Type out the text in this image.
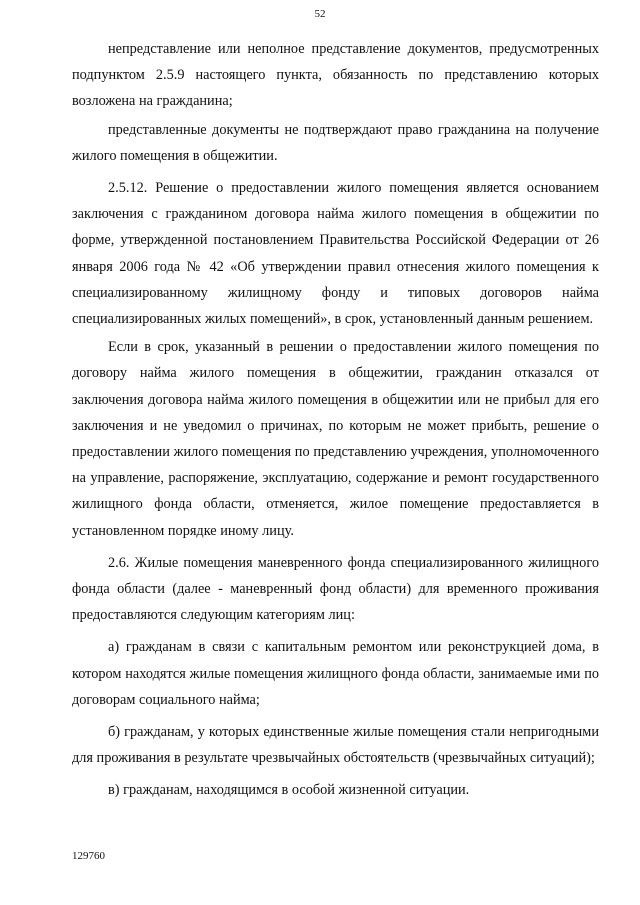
52

непредставление или неполное представление документов, предусмотренных подпунктом 2.5.9 настоящего пункта, обязанность по представлению которых возложена на гражданина;

представленные документы не подтверждают право гражданина на получение жилого помещения в общежитии.

2.5.12. Решение о предоставлении жилого помещения является основанием заключения с гражданином договора найма жилого помещения в общежитии по форме, утвержденной постановлением Правительства Российской Федерации от 26 января 2006 года № 42 «Об утверждении правил отнесения жилого помещения к специализированному жилищному фонду и типовых договоров найма специализированных жилых помещений», в срок, установленный данным решением.

Если в срок, указанный в решении о предоставлении жилого помещения по договору найма жилого помещения в общежитии, гражданин отказался от заключения договора найма жилого помещения в общежитии или не прибыл для его заключения и не уведомил о причинах, по которым не может прибыть, решение о предоставлении жилого помещения по представлению учреждения, уполномоченного на управление, распоряжение, эксплуатацию, содержание и ремонт государственного жилищного фонда области, отменяется, жилое помещение предоставляется в установленном порядке иному лицу.

2.6. Жилые помещения маневренного фонда специализированного жилищного фонда области (далее - маневренный фонд области) для временного проживания предоставляются следующим категориям лиц:

а) гражданам в связи с капитальным ремонтом или реконструкцией дома, в котором находятся жилые помещения жилищного фонда области, занимаемые ими по договорам социального найма;

б) гражданам, у которых единственные жилые помещения стали непригодными для проживания в результате чрезвычайных обстоятельств (чрезвычайных ситуаций);

в) гражданам, находящимся в особой жизненной ситуации.

129760
